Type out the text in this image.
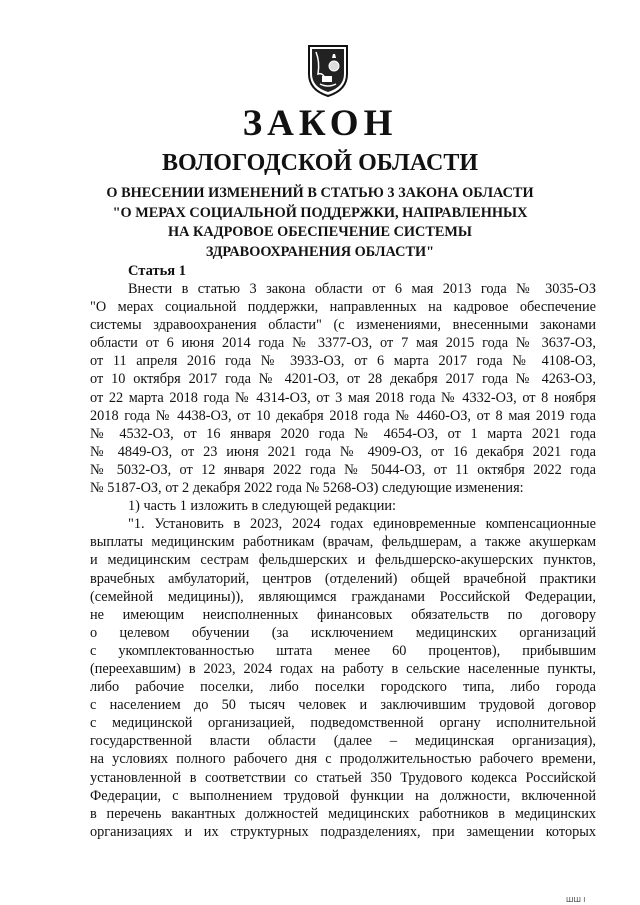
ЗАКОН
ВОЛОГОДСКОЙ ОБЛАСТИ
О ВНЕСЕНИИ ИЗМЕНЕНИЙ В СТАТЬЮ 3 ЗАКОНА ОБЛАСТИ
"О МЕРАХ СОЦИАЛЬНОЙ ПОДДЕРЖКИ, НАПРАВЛЕННЫХ
НА КАДРОВОЕ ОБЕСПЕЧЕНИЕ СИСТЕМЫ
ЗДРАВООХРАНЕНИЯ ОБЛАСТИ"
Статья 1
Внести в статью 3 закона области от 6 мая 2013 года № 3035-ОЗ
"О мерах социальной поддержки, направленных на кадровое обеспечение
системы здравоохранения области" (с изменениями, внесенными законами
области от 6 июня 2014 года № 3377-ОЗ, от 7 мая 2015 года № 3637-ОЗ,
от 11 апреля 2016 года № 3933-ОЗ, от 6 марта 2017 года № 4108-ОЗ,
от 10 октября 2017 года № 4201-ОЗ, от 28 декабря 2017 года № 4263-ОЗ,
от 22 марта 2018 года № 4314-ОЗ, от 3 мая 2018 года № 4332-ОЗ, от 8 ноября
2018 года № 4438-ОЗ, от 10 декабря 2018 года № 4460-ОЗ, от 8 мая 2019 года
№ 4532-ОЗ, от 16 января 2020 года № 4654-ОЗ, от 1 марта 2021 года
№ 4849-ОЗ, от 23 июня 2021 года № 4909-ОЗ, от 16 декабря 2021 года
№ 5032-ОЗ, от 12 января 2022 года № 5044-ОЗ, от 11 октября 2022 года
№ 5187-ОЗ, от 2 декабря 2022 года № 5268-ОЗ) следующие изменения:
1) часть 1 изложить в следующей редакции:
"1. Установить в 2023, 2024 годах единовременные компенсационные
выплаты медицинским работникам (врачам, фельдшерам, а также акушеркам
и медицинским сестрам фельдшерских и фельдшерско-акушерских пунктов,
врачебных амбулаторий, центров (отделений) общей врачебной практики
(семейной медицины)), являющимся гражданами Российской Федерации,
не имеющим неисполненных финансовых обязательств по договору
о целевом обучении (за исключением медицинских организаций
с укомплектованностью штата менее 60 процентов), прибывшим
(переехавшим) в 2023, 2024 годах на работу в сельские населенные пункты,
либо рабочие поселки, либо поселки городского типа, либо города
с населением до 50 тысяч человек и заключившим трудовой договор
с медицинской организацией, подведомственной органу исполнительной
государственной власти области (далее – медицинская организация),
на условиях полного рабочего дня с продолжительностью рабочего времени,
установленной в соответствии со статьей 350 Трудового кодекса Российской
Федерации, с выполнением трудовой функции на должности, включенной
в перечень вакантных должностей медицинских работников в медицинских
организациях и их структурных подразделениях, при замещении которых
ШШ І
